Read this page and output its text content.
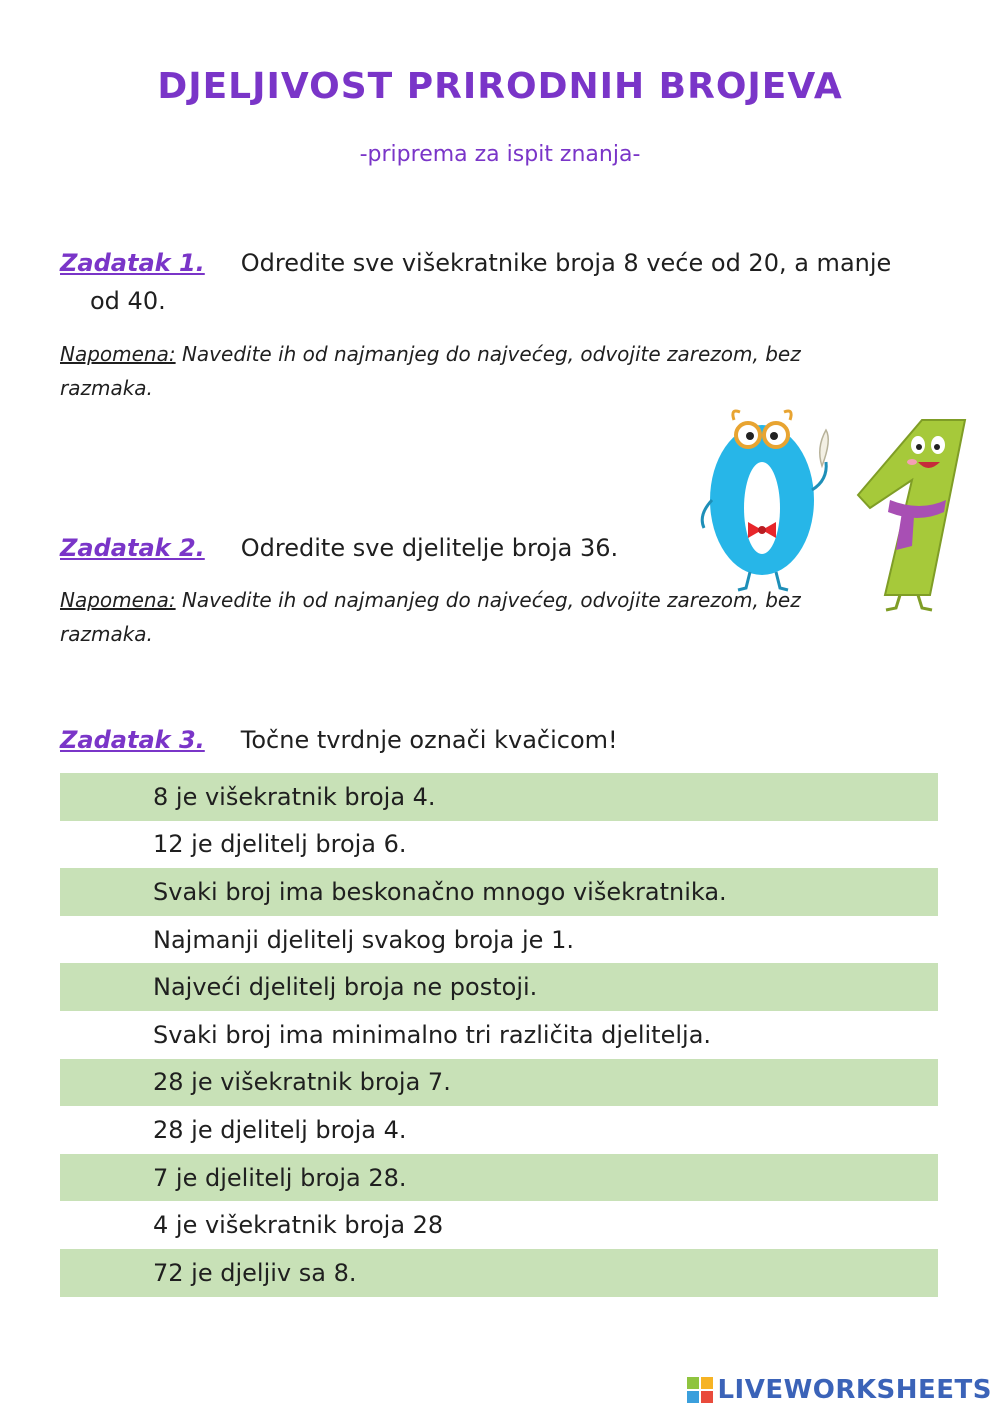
DJELJIVOST PRIRODNIH BROJEVA
-priprema za ispit znanja-
Zadatak 1. Odredite sve višekratnike broja 8 veće od 20, a manje
od 40.
Napomena: Navedite ih od najmanjeg do najvećeg, odvojite zarezom, bez razmaka.
Zadatak 2. Odredite sve djelitelje broja 36.
Napomena: Navedite ih od najmanjeg do najvećeg, odvojite zarezom, bez razmaka.
Zadatak 3. Točne tvrdnje označi kvačicom!
8 je višekratnik broja 4.
12 je djelitelj broja 6.
Svaki broj ima beskonačno mnogo višekratnika.
Najmanji djelitelj svakog broja je 1.
Najveći djelitelj broja ne postoji.
Svaki broj ima minimalno tri različita djelitelja.
28 je višekratnik broja 7.
28 je djelitelj broja 4.
7 je djelitelj broja 28.
4 je višekratnik broja 28
72 je djeljiv sa 8.
LIVEWORKSHEETS
